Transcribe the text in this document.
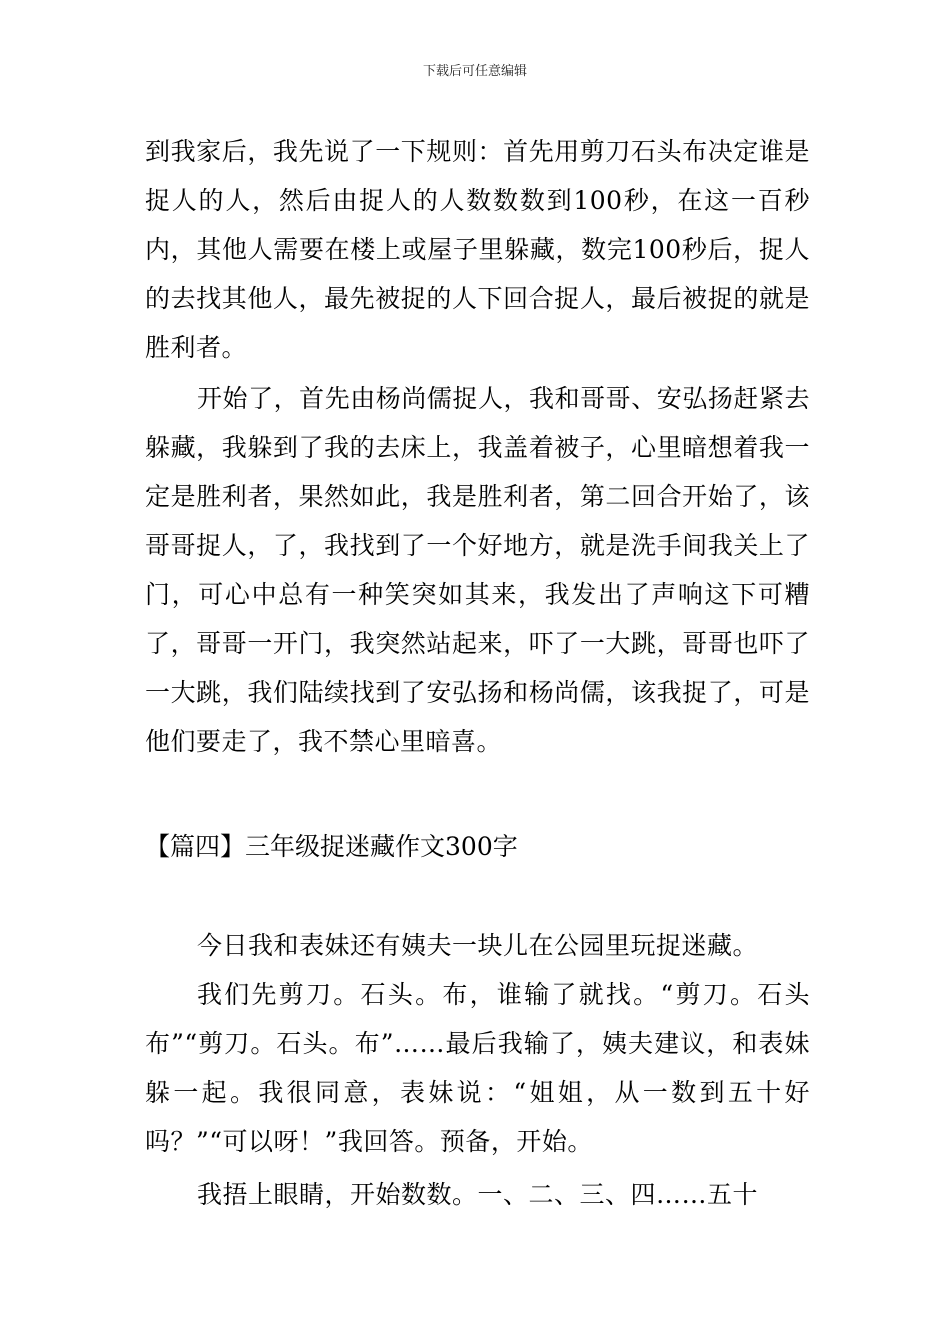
下载后可任意编辑

到我家后，我先说了一下规则：首先用剪刀石头布决定谁是捉人的人，然后由捉人的人数数数到100秒，在这一百秒内，其他人需要在楼上或屋子里躲藏，数完100秒后，捉人的去找其他人，最先被捉的人下回合捉人，最后被捉的就是胜利者。

开始了，首先由杨尚儒捉人，我和哥哥、安弘扬赶紧去躲藏，我躲到了我的去床上，我盖着被子，心里暗想着我一定是胜利者，果然如此，我是胜利者，第二回合开始了，该哥哥捉人，了，我找到了一个好地方，就是洗手间我关上了门，可心中总有一种笑突如其来，我发出了声响这下可糟了，哥哥一开门，我突然站起来，吓了一大跳，哥哥也吓了一大跳，我们陆续找到了安弘扬和杨尚儒，该我捉了，可是他们要走了，我不禁心里暗喜。

【篇四】三年级捉迷藏作文300字

今日我和表妹还有姨夫一块儿在公园里玩捉迷藏。

我们先剪刀。石头。布，谁输了就找。“剪刀。石头布”“剪刀。石头。布”……最后我输了，姨夫建议，和表妹躲一起。我很同意，表妹说：“姐姐，从一数到五十好吗？”“可以呀！”我回答。预备，开始。

我捂上眼睛，开始数数。一、二、三、四……五十
